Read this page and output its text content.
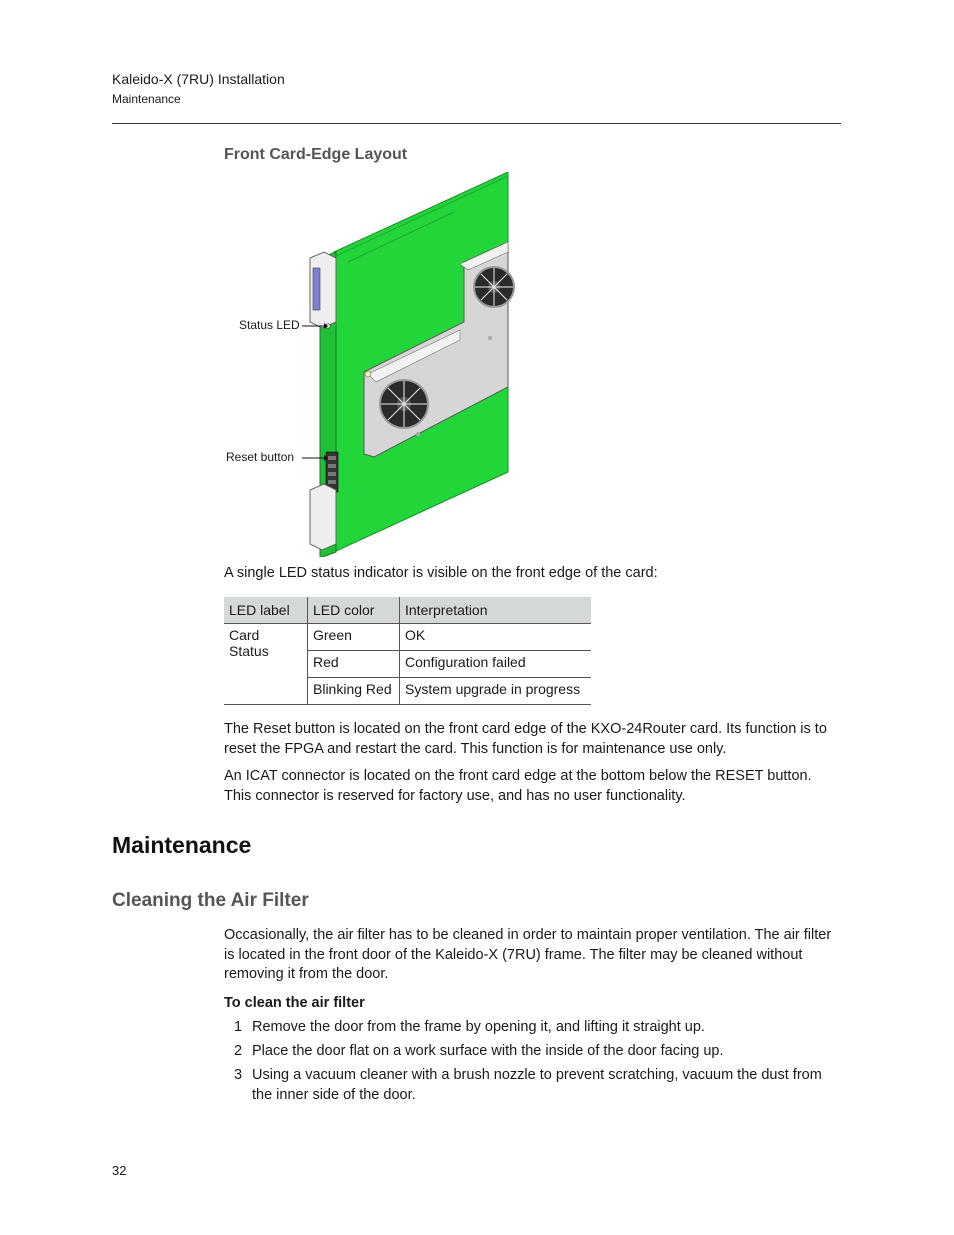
Kaleido-X (7RU) Installation
Maintenance
Front Card-Edge Layout
Status LED
Reset button
A single LED status indicator is visible on the front edge of the card:
LED label	LED color	Interpretation
Card Status	Green	OK
	Red	Configuration failed
	Blinking Red	System upgrade in progress
The Reset button is located on the front card edge of the KXO-24Router card. Its function is to reset the FPGA and restart the card. This function is for maintenance use only.
An ICAT connector is located on the front card edge at the bottom below the RESET button. This connector is reserved for factory use, and has no user functionality.
Maintenance
Cleaning the Air Filter
Occasionally, the air filter has to be cleaned in order to maintain proper ventilation. The air filter is located in the front door of the Kaleido-X (7RU) frame. The filter may be cleaned without removing it from the door.
To clean the air filter
1 Remove the door from the frame by opening it, and lifting it straight up.
2 Place the door flat on a work surface with the inside of the door facing up.
3 Using a vacuum cleaner with a brush nozzle to prevent scratching, vacuum the dust from the inner side of the door.
32
